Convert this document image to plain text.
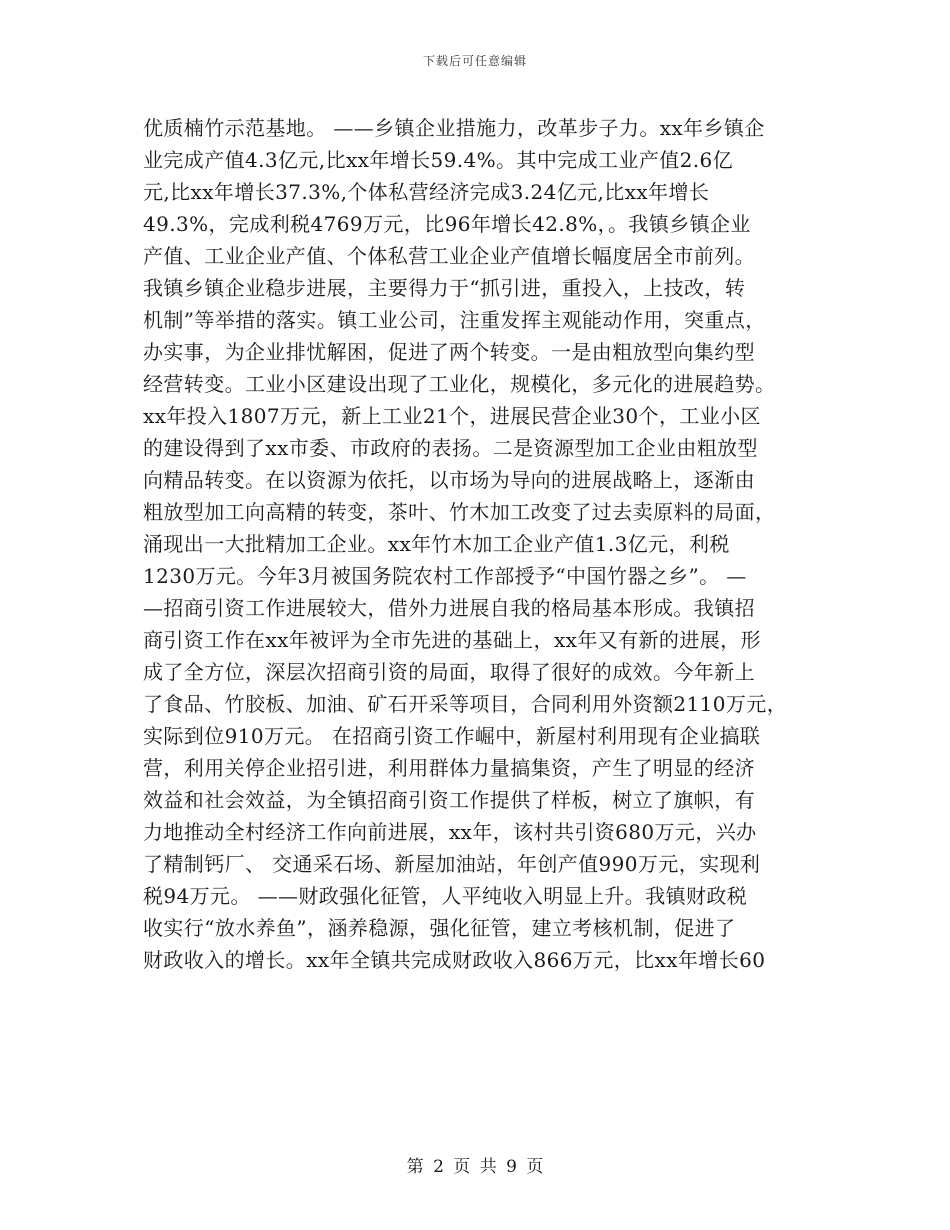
下载后可任意编辑
优质楠竹示范基地。 ——乡镇企业措施力，改革步子力。xx年乡镇企
业完成产值4.3亿元,比xx年增长59.4%。其中完成工业产值2.6亿
元,比xx年增长37.3%,个体私营经济完成3.24亿元,比xx年增长
49.3%，完成利税4769万元，比96年增长42.8%，。我镇乡镇企业
产值、工业企业产值、个体私营工业企业产值增长幅度居全市前列。
我镇乡镇企业稳步进展，主要得力于“抓引进，重投入，上技改，转
机制”等举措的落实。镇工业公司，注重发挥主观能动作用，突重点，
办实事，为企业排忧解困，促进了两个转变。一是由粗放型向集约型
经营转变。工业小区建设出现了工业化，规模化，多元化的进展趋势。
xx年投入1807万元，新上工业21个，进展民营企业30个，工业小区
的建设得到了xx市委、市政府的表扬。二是资源型加工企业由粗放型
向精品转变。在以资源为依托，以市场为导向的进展战略上，逐渐由
粗放型加工向高精的转变，茶叶、竹木加工改变了过去卖原料的局面，
涌现出一大批精加工企业。xx年竹木加工企业产值1.3亿元，利税
1230万元。今年3月被国务院农村工作部授予“中国竹器之乡”。 —
—招商引资工作进展较大，借外力进展自我的格局基本形成。我镇招
商引资工作在xx年被评为全市先进的基础上，xx年又有新的进展，形
成了全方位，深层次招商引资的局面，取得了很好的成效。今年新上
了食品、竹胶板、加油、矿石开采等项目，合同利用外资额2110万元，
实际到位910万元。 在招商引资工作崛中，新屋村利用现有企业搞联
营，利用关停企业招引进，利用群体力量搞集资，产生了明显的经济
效益和社会效益，为全镇招商引资工作提供了样板，树立了旗帜，有
力地推动全村经济工作向前进展，xx年，该村共引资680万元，兴办
了精制钙厂、 交通采石场、新屋加油站，年创产值990万元，实现利
税94万元。 ——财政强化征管，人平纯收入明显上升。我镇财政税
收实行“放水养鱼”，涵养稳源，强化征管，建立考核机制，促进了
财政收入的增长。xx年全镇共完成财政收入866万元，比xx年增长60
第 2 页 共 9 页
